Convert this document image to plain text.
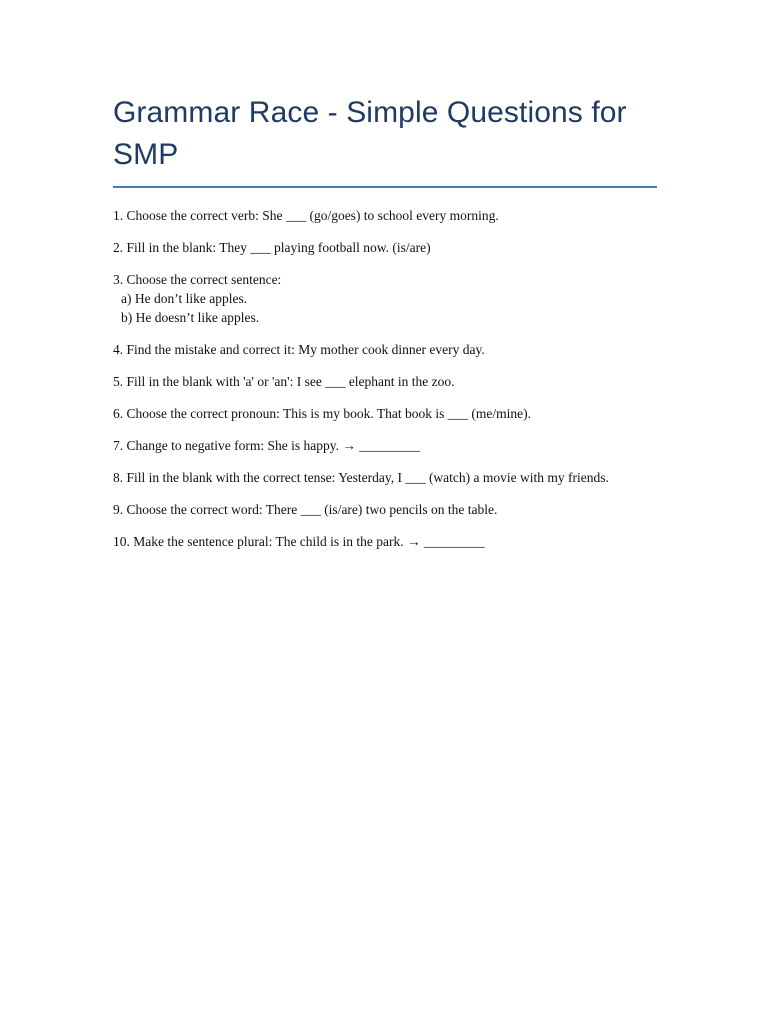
Grammar Race - Simple Questions for SMP
1. Choose the correct verb: She ___ (go/goes) to school every morning.
2. Fill in the blank: They ___ playing football now. (is/are)
3. Choose the correct sentence:
a) He don’t like apples.
b) He doesn’t like apples.
4. Find the mistake and correct it: My mother cook dinner every day.
5. Fill in the blank with 'a' or 'an': I see ___ elephant in the zoo.
6. Choose the correct pronoun: This is my book. That book is ___ (me/mine).
7. Change to negative form: She is happy. → _________
8. Fill in the blank with the correct tense: Yesterday, I ___ (watch) a movie with my friends.
9. Choose the correct word: There ___ (is/are) two pencils on the table.
10. Make the sentence plural: The child is in the park. → _________
